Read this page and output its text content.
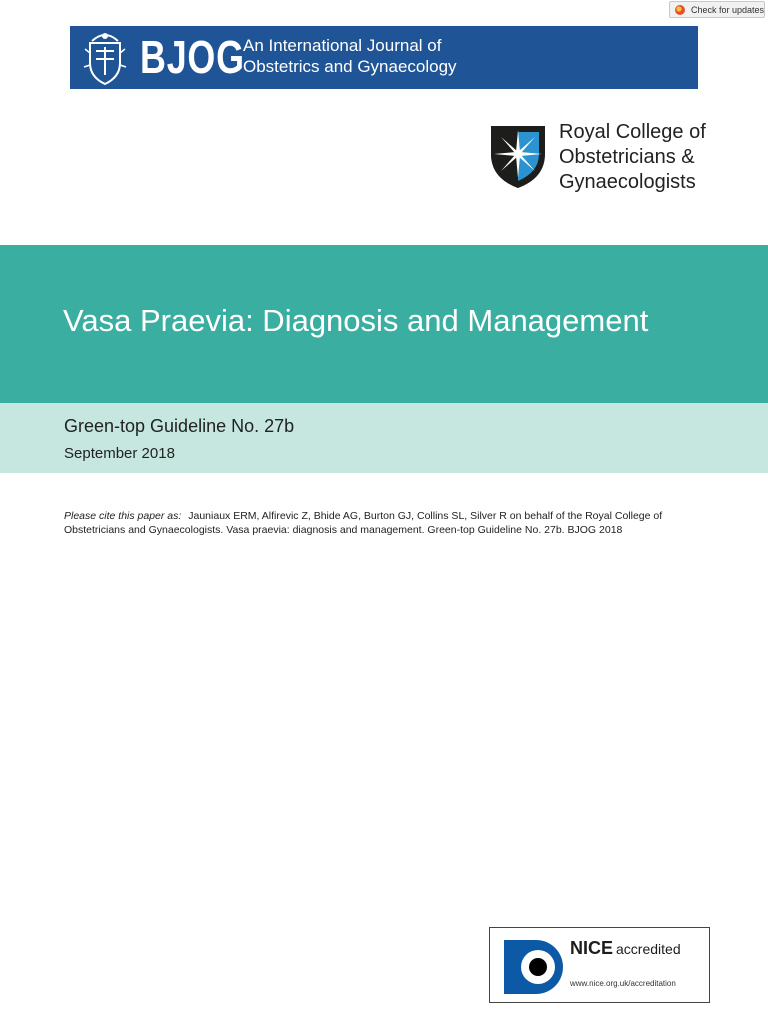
Check for updates
BJOG
An International Journal of
Obstetrics and Gynaecology
Royal College of
Obstetricians &
Gynaecologists
Vasa Praevia: Diagnosis and Management
Green-top Guideline No. 27b
September 2018
Please cite this paper as: Jauniaux ERM, Alfirevic Z, Bhide AG, Burton GJ, Collins SL, Silver R on behalf of the Royal College of Obstetricians and Gynaecologists. Vasa praevia: diagnosis and management. Green-top Guideline No. 27b. BJOG 2018
NICE accredited
www.nice.org.uk/accreditation
